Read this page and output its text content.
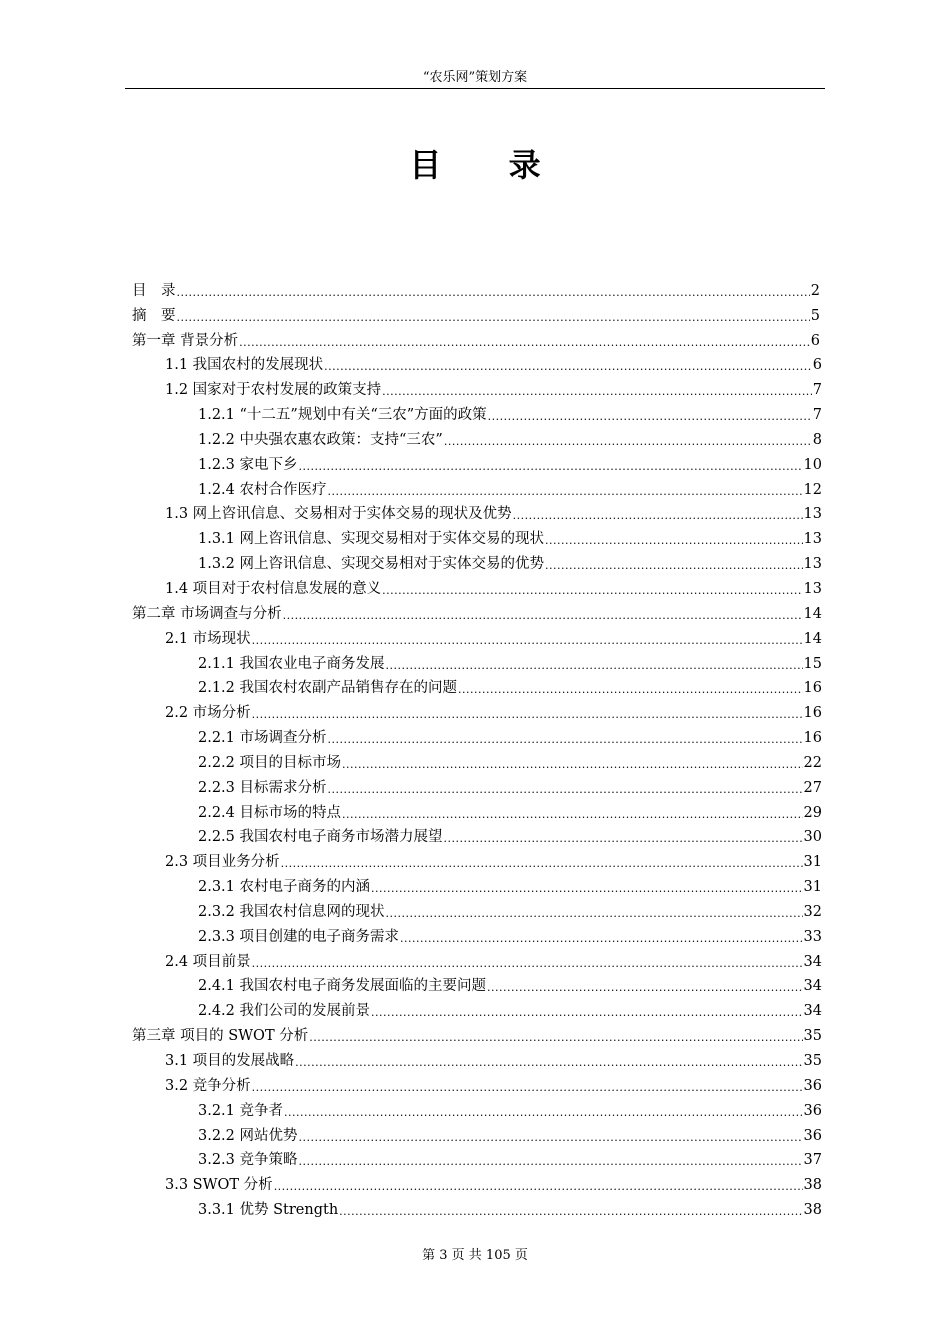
“农乐网”策划方案
目 录
目　录 .....	2
摘　要 .....	5
第一章 背景分析 .....	6
1.1 我国农村的发展现状 .....	6
1.2 国家对于农村发展的政策支持 .....	7
1.2.1 “十二五”规划中有关“三农”方面的政策 .....	7
1.2.2 中央强农惠农政策：支持“三农” .....	8
1.2.3 家电下乡 .....	10
1.2.4 农村合作医疗 .....	12
1.3 网上咨讯信息、交易相对于实体交易的现状及优势 .....	13
1.3.1 网上咨讯信息、实现交易相对于实体交易的现状 .....	13
1.3.2 网上咨讯信息、实现交易相对于实体交易的优势 .....	13
1.4 项目对于农村信息发展的意义 .....	13
第二章 市场调查与分析 .....	14
2.1 市场现状 .....	14
2.1.1 我国农业电子商务发展 .....	15
2.1.2 我国农村农副产品销售存在的问题 .....	16
2.2 市场分析 .....	16
2.2.1 市场调查分析 .....	16
2.2.2 项目的目标市场 .....	22
2.2.3 目标需求分析 .....	27
2.2.4 目标市场的特点 .....	29
2.2.5 我国农村电子商务市场潜力展望 .....	30
2.3 项目业务分析 .....	31
2.3.1 农村电子商务的内涵 .....	31
2.3.2 我国农村信息网的现状 .....	32
2.3.3 项目创建的电子商务需求 .....	33
2.4 项目前景 .....	34
2.4.1 我国农村电子商务发展面临的主要问题 .....	34
2.4.2 我们公司的发展前景 .....	34
第三章 项目的 SWOT 分析 .....	35
3.1 项目的发展战略 .....	35
3.2 竞争分析 .....	36
3.2.1 竞争者 .....	36
3.2.2 网站优势 .....	36
3.2.3 竞争策略 .....	37
3.3 SWOT 分析 .....	38
3.3.1 优势 Strength .....	38
第 3 页 共 105 页
